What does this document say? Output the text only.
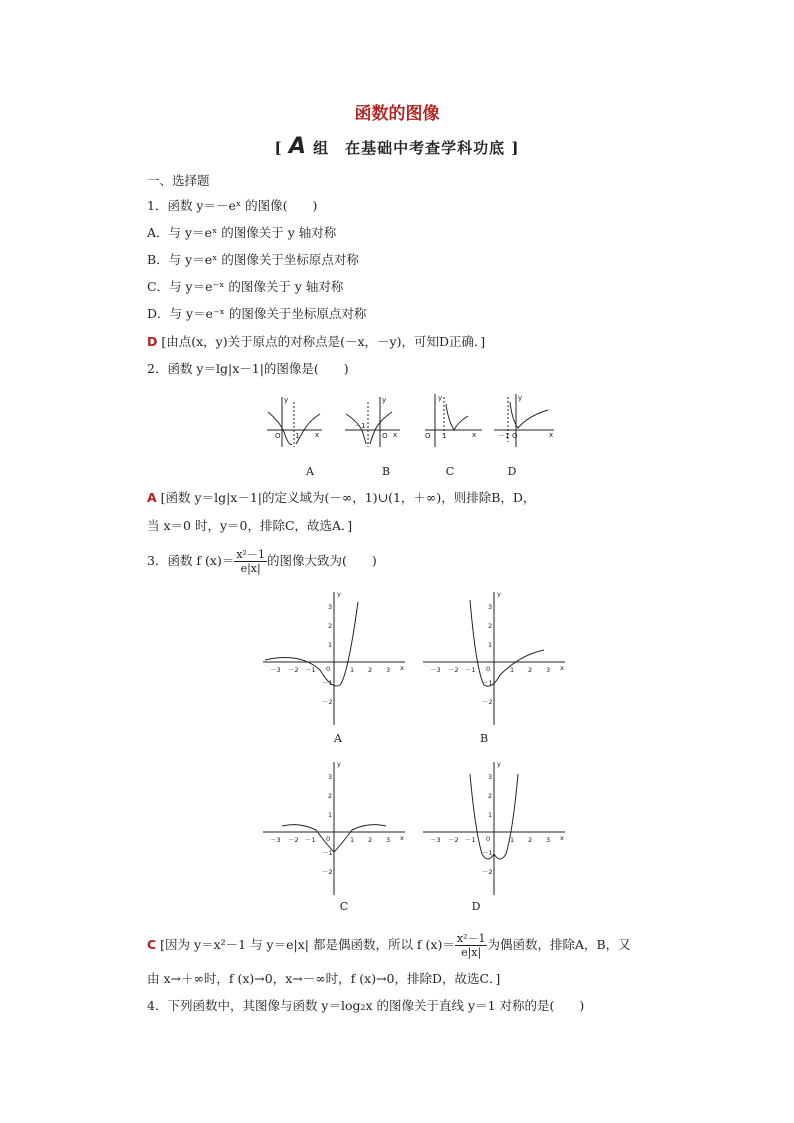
函数的图像
[ A 组　在基础中考查学科功底 ]
一、选择题
1．函数 y＝－eˣ 的图像(　　)
A．与 y＝eˣ 的图像关于 y 轴对称
B．与 y＝eˣ 的图像关于坐标原点对称
C．与 y＝e⁻ˣ 的图像关于 y 轴对称
D．与 y＝e⁻ˣ 的图像关于坐标原点对称
D [由点(x，y)关于原点的对称点是(－x，－y)，可知D正确．]
2．函数 y＝lg|x－1|的图像是(　　)
O 1 x
y
－1
O x
y
O 1	x
y
－1 O	x
y
A	B	C	D
A [函数 y＝lg|x－1|的定义域为(－∞，1)∪(1，＋∞)，则排除B，D，
当 x＝0 时，y＝0，排除C，故选A．]
3．函数 f $(x)= \frac{\text{x²－1}}{e|x|}$ 的图像大致为(　　)
－3 －2 －1 0	1 2 3 x
y
3
2
1
－1
－2
－3 －2 －1 0	1 2 3 x
y
3
2
1
－1
－2
A	B
－3 －2 －1 0	1 2 3 x
y
3
2
1
－1
－2
－3 －2 －1 0	1 2 3 x
y
3
2
1
－1
－2
C	D
C [因为 y＝x²－1 与 y＝e|x| 都是偶函数，所以 f $(x)= \frac{\text{x²－1}}{e|x|}$ 为偶函数，排除A，B，又
由 x→＋∞时，f (x)→0，x→－∞时，f (x)→0，排除D，故选C．]
4．下列函数中，其图像与函数 y＝log₂x 的图像关于直线 y＝1 对称的是(　　)
